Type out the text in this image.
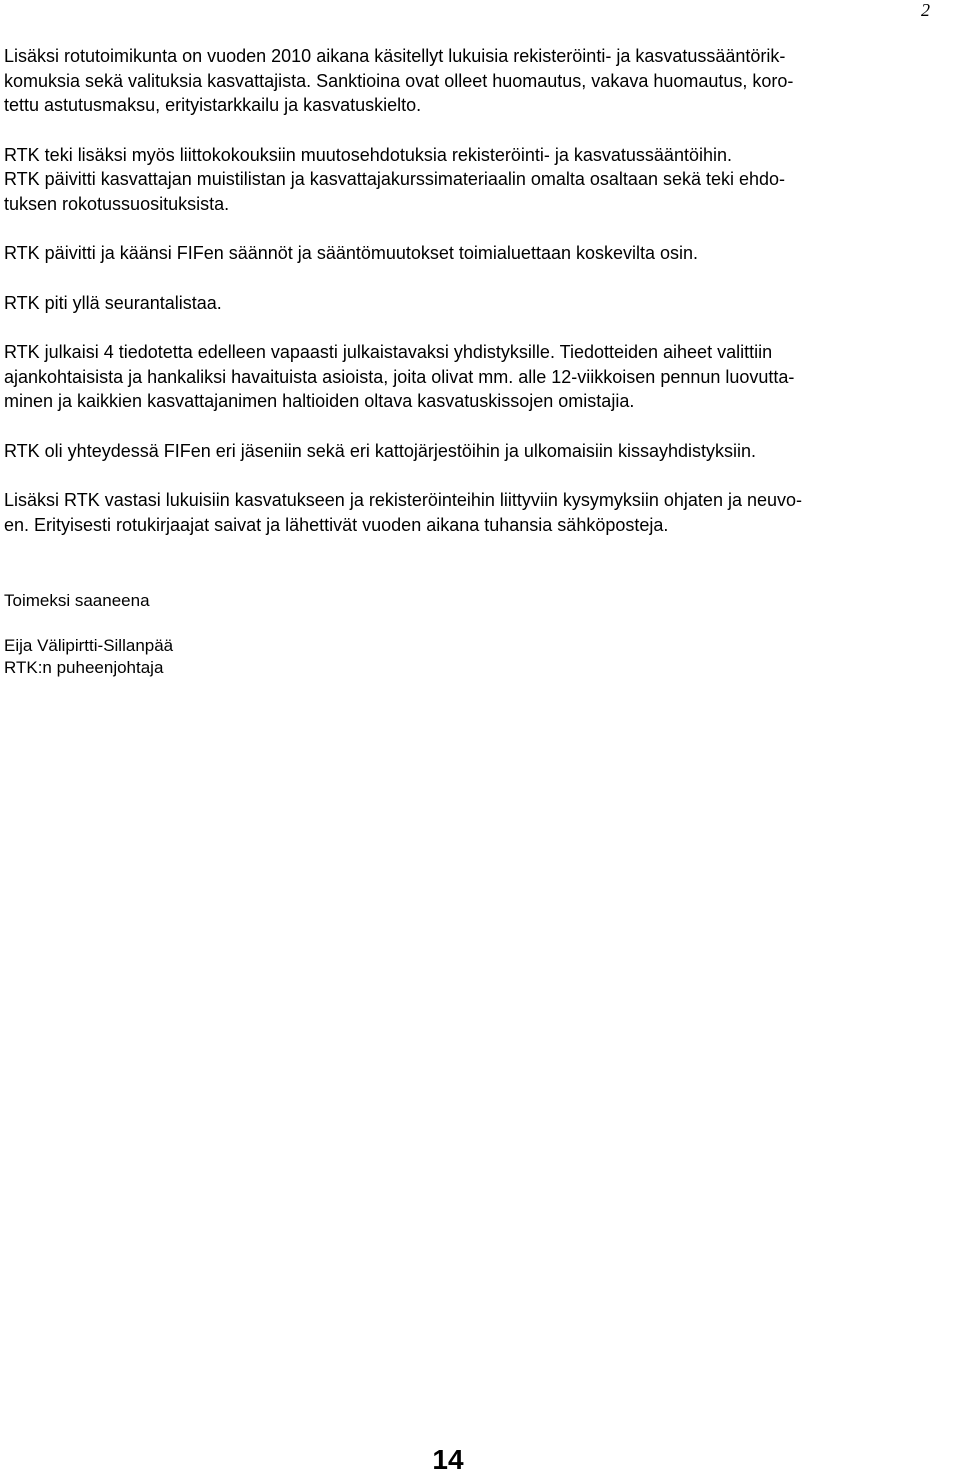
2

Lisäksi rotutoimikunta on vuoden 2010 aikana käsitellyt lukuisia rekisteröinti- ja kasvatussääntörik-
komuksia sekä valituksia kasvattajista. Sanktioina ovat olleet huomautus, vakava huomautus, koro-
tettu astutusmaksu, erityistarkkailu ja kasvatuskielto.

RTK teki lisäksi myös liittokokouksiin muutosehdotuksia rekisteröinti- ja kasvatussääntöihin.
RTK päivitti kasvattajan muistilistan ja kasvattajakurssimateriaalin omalta osaltaan sekä teki ehdo-
tuksen rokotussuosituksista.

RTK päivitti ja käänsi FIFen säännöt ja sääntömuutokset toimialuettaan koskevilta osin.

RTK piti yllä seurantalistaa.

RTK julkaisi 4 tiedotetta edelleen vapaasti julkaistavaksi yhdistyksille. Tiedotteiden aiheet valittiin
ajankohtaisista ja hankaliksi havaituista asioista, joita olivat mm. alle 12-viikkoisen pennun luovutta-
minen ja kaikkien kasvattajanimen haltioiden oltava kasvatuskissojen omistajia.

RTK oli yhteydessä FIFen eri jäseniin sekä eri kattojärjestöihin ja ulkomaisiin kissayhdistyksiin.

Lisäksi RTK vastasi lukuisiin kasvatukseen ja rekisteröinteihin liittyviin kysymyksiin ohjaten ja neuvo-
en. Erityisesti rotukirjaajat saivat ja lähettivät vuoden aikana tuhansia sähköposteja.

Toimeksi saaneena
Eija Välipirtti-Sillanpää
RTK:n puheenjohtaja
14
